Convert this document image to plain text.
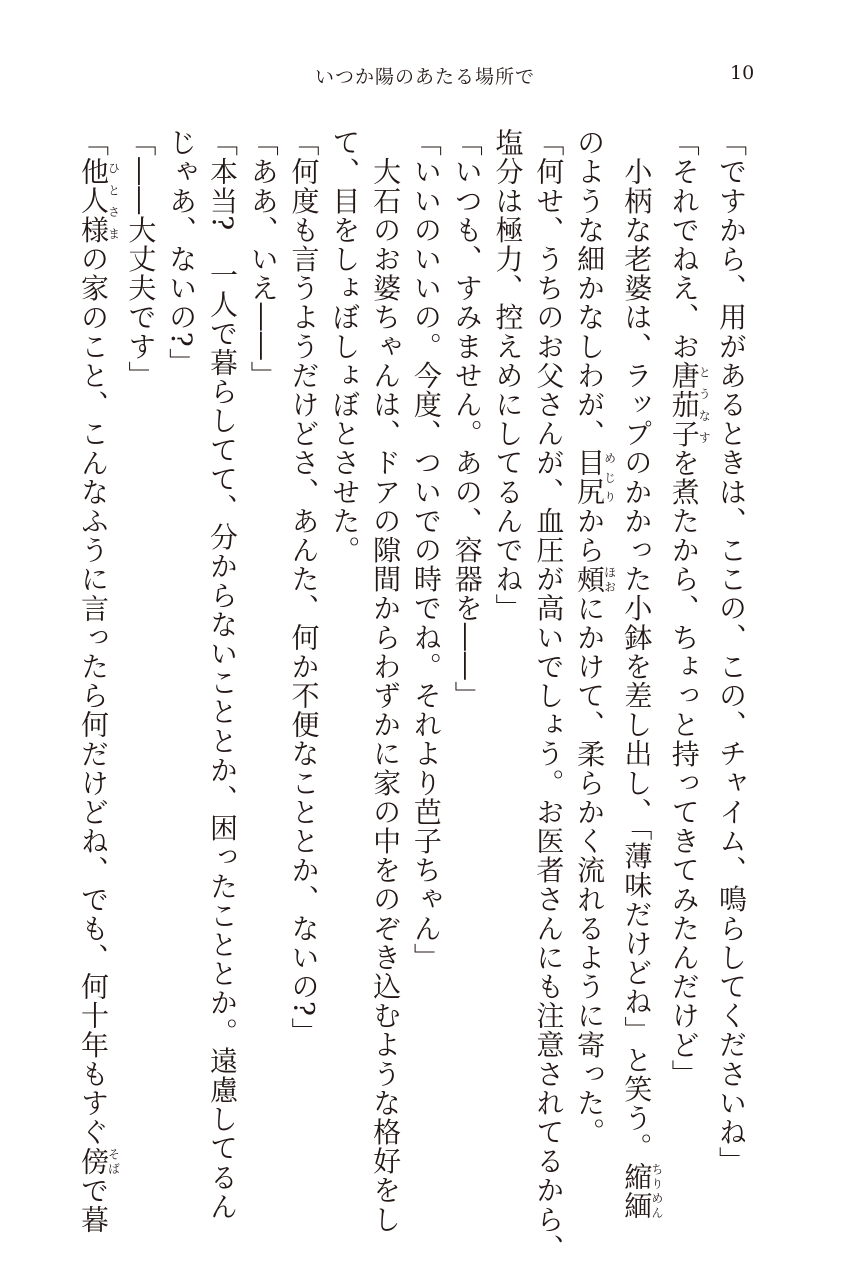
いつか陽のあたる場所で	10
「ですから、用があるときは、ここの、この、チャイム、鳴らしてくださいね」
「それでねえ、お唐茄子とうなすを煮たから、ちょっと持ってきてみたんだけど」
　小柄な老婆は、ラップのかかった小鉢を差し出し、「薄味だけどね」と笑う。縮緬ちりめん
のような細かなしわが、目尻めじりから頰ほおにかけて、柔らかく流れるように寄った。
「何せ、うちのお父さんが、血圧が高いでしょう。お医者さんにも注意されてるから、
塩分は極力、控えめにしてるんでね」
「いつも、すみません。あの、容器を――」
「いいのいいの。今度、ついでの時でね。それより芭子ちゃん」
　大石のお婆ちゃんは、ドアの隙間からわずかに家の中をのぞき込むような格好をし
て、目をしょぼしょぼとさせた。
「何度も言うようだけどさ、あんた、何か不便なこととか、ないの?」
「ああ、いえ――」
「本当?　一人で暮らしてて、分からないこととか、困ったこととか。遠慮してるん
じゃあ、ないの?」
「――大丈夫です」
「他人様ひとさまの家のこと、こんなふうに言ったら何だけどね、でも、何十年もすぐ傍そばで暮
